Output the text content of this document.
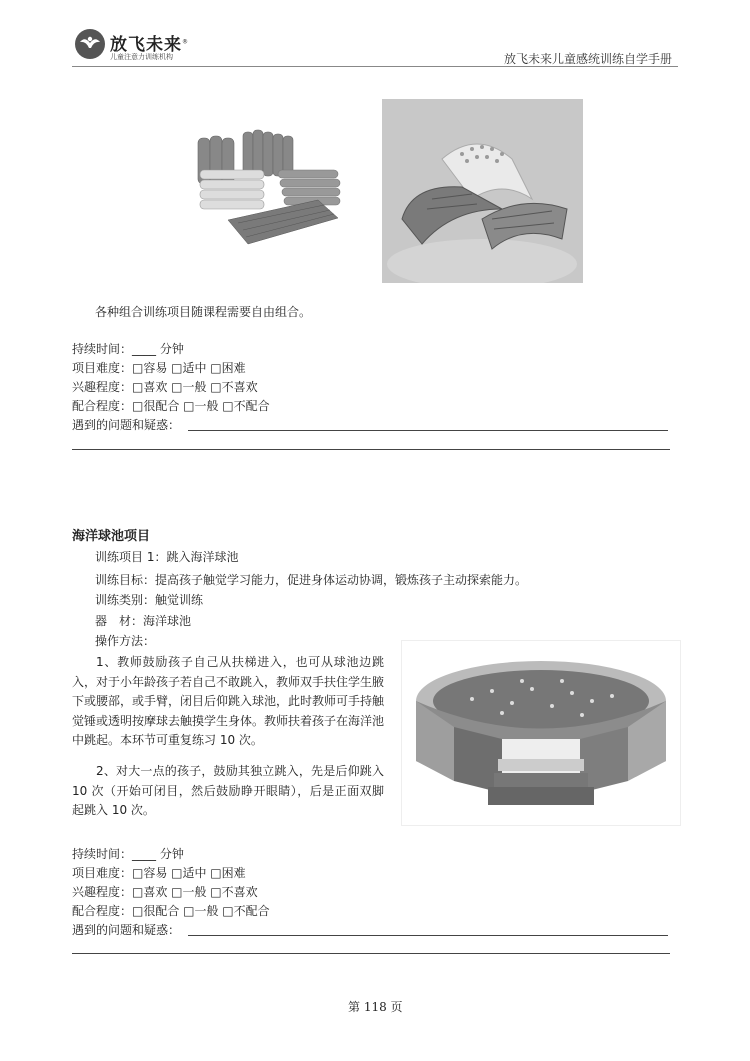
放飞未来®
儿童注意力训练机构	放飞未来儿童感统训练自学手册
各种组合训练项目随课程需要自由组合。
持续时间：____ 分钟
项目难度：□容易 □适中 □困难
兴趣程度：□喜欢 □一般 □不喜欢
配合程度：□很配合 □一般 □不配合
遇到的问题和疑惑：
海洋球池项目
训练项目 1：跳入海洋球池
训练目标：提高孩子触觉学习能力，促进身体运动协调，锻炼孩子主动探索能力。
训练类别：触觉训练
器　材：海洋球池
操作方法：
1、教师鼓励孩子自己从扶梯进入，也可从球池边跳入，对于小年龄孩子若自己不敢跳入，教师双手扶住学生腋下或腰部，或手臂，闭目后仰跳入球池，此时教师可手持触觉锤或透明按摩球去触摸学生身体。教师扶着孩子在海洋池中跳起。本环节可重复练习 10 次。
2、对大一点的孩子，鼓励其独立跳入，先是后仰跳入 10 次（开始可闭目，然后鼓励睁开眼睛），后是正面双脚起跳入 10 次。
持续时间：____ 分钟
项目难度：□容易 □适中 □困难
兴趣程度：□喜欢 □一般 □不喜欢
配合程度：□很配合 □一般 □不配合
遇到的问题和疑惑：
第 118 页
